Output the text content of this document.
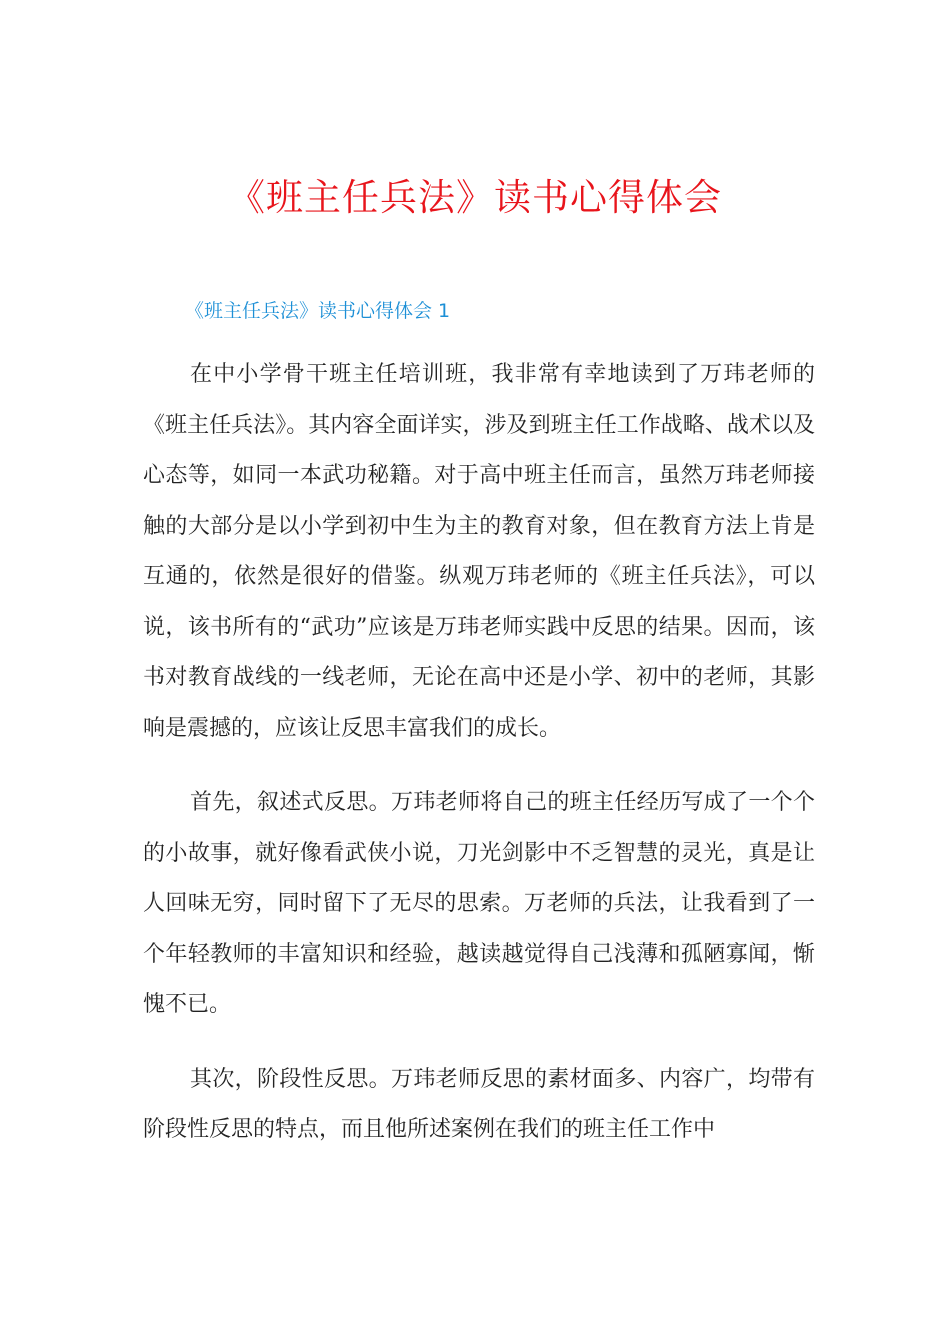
《班主任兵法》读书心得体会
《班主任兵法》读书心得体会 1

在中小学骨干班主任培训班，我非常有幸地读到了万玮老师的《班主任兵法》。其内容全面详实，涉及到班主任工作战略、战术以及心态等，如同一本武功秘籍。对于高中班主任而言，虽然万玮老师接触的大部分是以小学到初中生为主的教育对象，但在教育方法上肯是互通的，依然是很好的借鉴。纵观万玮老师的《班主任兵法》，可以说，该书所有的“武功”应该是万玮老师实践中反思的结果。因而，该书对教育战线的一线老师，无论在高中还是小学、初中的老师，其影响是震撼的，应该让反思丰富我们的成长。

首先，叙述式反思。万玮老师将自己的班主任经历写成了一个个的小故事，就好像看武侠小说，刀光剑影中不乏智慧的灵光，真是让人回味无穷，同时留下了无尽的思索。万老师的兵法，让我看到了一个年轻教师的丰富知识和经验，越读越觉得自己浅薄和孤陋寡闻，惭愧不已。

其次，阶段性反思。万玮老师反思的素材面多、内容广，均带有阶段性反思的特点，而且他所述案例在我们的班主任工作中
